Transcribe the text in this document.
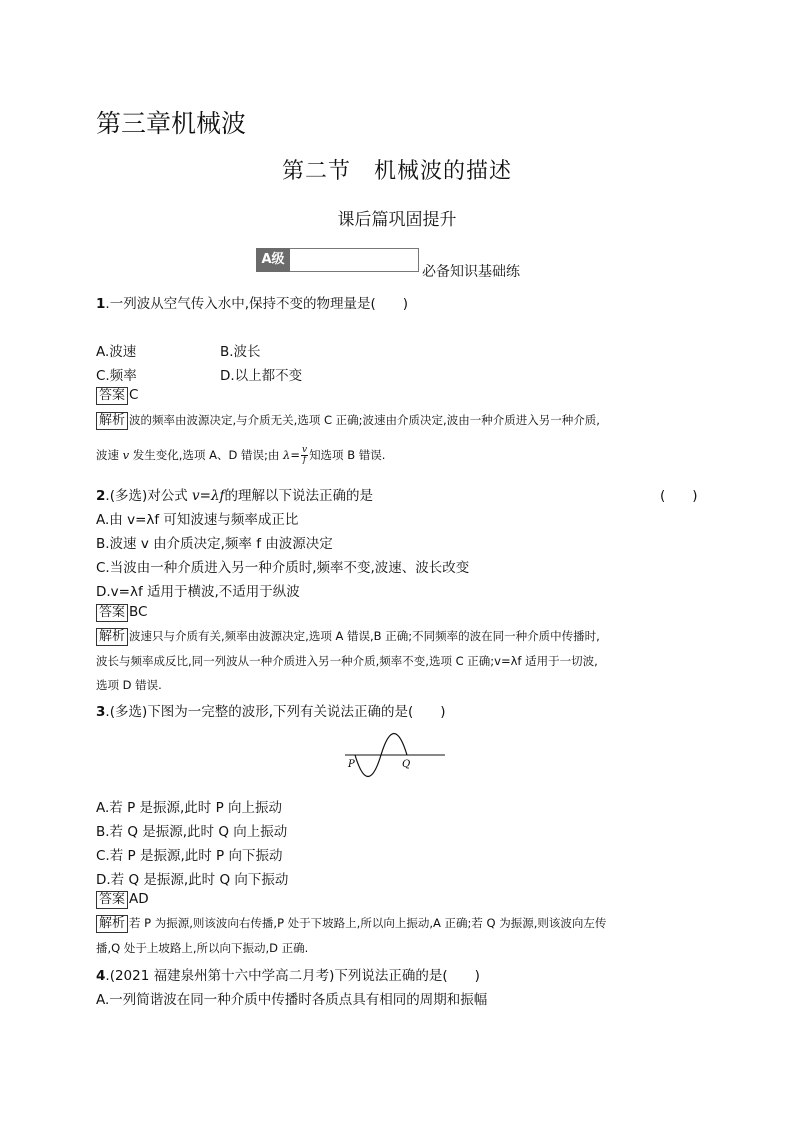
第三章机械波
第二节　机械波的描述
课后篇巩固提升
A级
必备知识基础练
1.一列波从空气传入水中,保持不变的物理量是(　　)
A.波速	B.波长
C.频率	D.以上都不变
答案 C
解析 波的频率由波源决定,与介质无关,选项 C 正确;波速由介质决定,波由一种介质进入另一种介质,
波速 v 发生变化,选项 A、D 错误;由 $\lambda= \frac{v}{f}$ 知选项 B 错误.
2.(多选)对公式 v=λf的理解以下说法正确的是	(　　)
A.由 v=λf 可知波速与频率成正比
B.波速 v 由介质决定,频率 f 由波源决定
C.当波由一种介质进入另一种介质时,频率不变,波速、波长改变
D.v=λf 适用于横波,不适用于纵波
答案 BC
解析 波速只与介质有关,频率由波源决定,选项 A 错误,B 正确;不同频率的波在同一种介质中传播时,
波长与频率成反比,同一列波从一种介质进入另一种介质,频率不变,选项 C 正确;v=λf 适用于一切波,
选项 D 错误.
3.(多选)下图为一完整的波形,下列有关说法正确的是(　　)
P	Q
A.若 P 是振源,此时 P 向上振动
B.若 Q 是振源,此时 Q 向上振动
C.若 P 是振源,此时 P 向下振动
D.若 Q 是振源,此时 Q 向下振动
答案 AD
解析 若 P 为振源,则该波向右传播,P 处于下坡路上,所以向上振动,A 正确;若 Q 为振源,则该波向左传
播,Q 处于上坡路上,所以向下振动,D 正确.
4.(2021 福建泉州第十六中学高二月考)下列说法正确的是(　　)
A.一列简谐波在同一种介质中传播时各质点具有相同的周期和振幅
